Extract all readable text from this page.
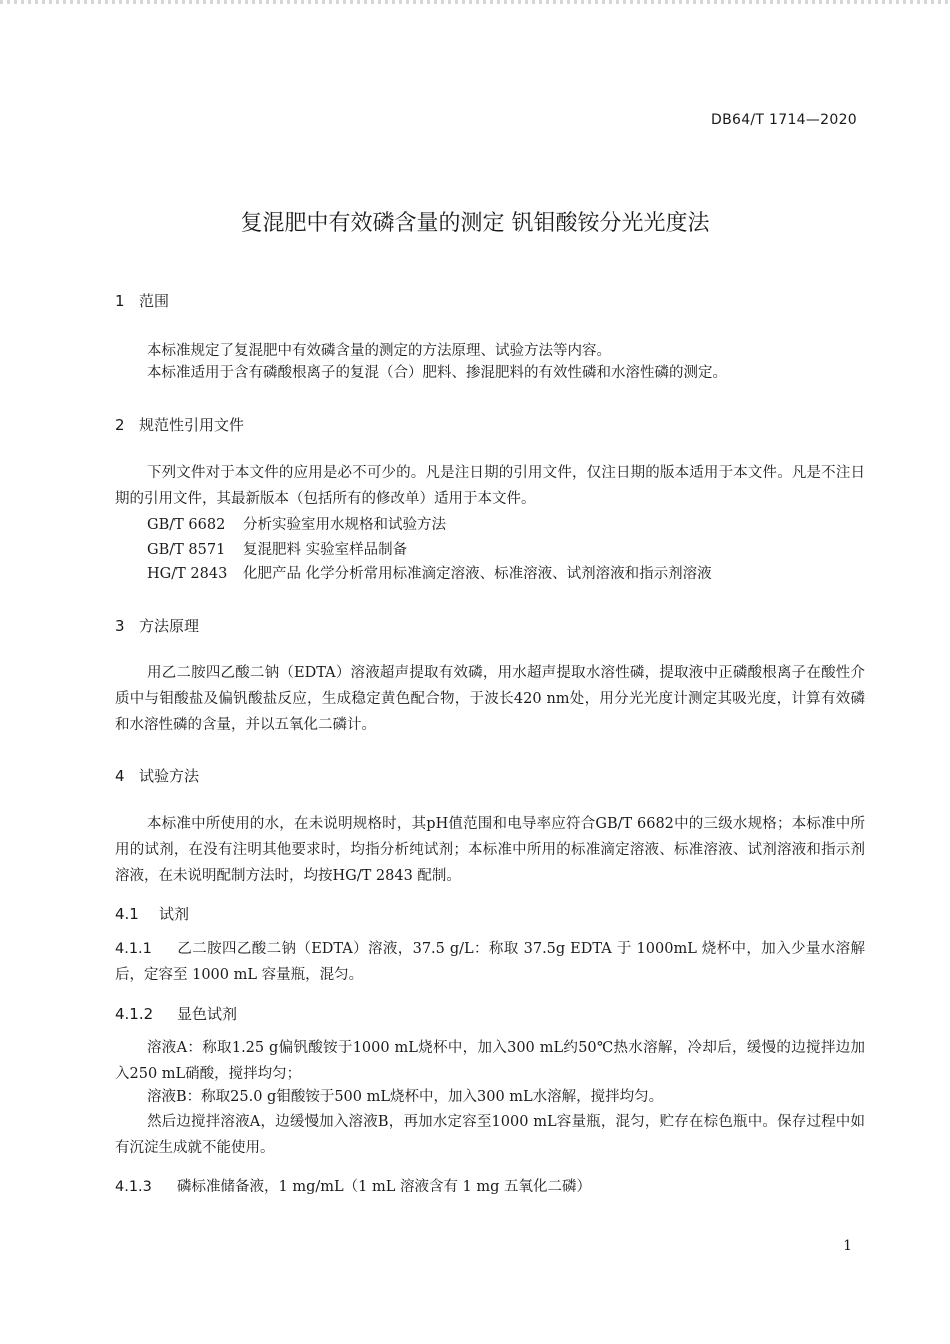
DB64/T 1714—2020
复混肥中有效磷含量的测定 钒钼酸铵分光光度法
1 范围
本标准规定了复混肥中有效磷含量的测定的方法原理、试验方法等内容。
本标准适用于含有磷酸根离子的复混（合）肥料、掺混肥料的有效性磷和水溶性磷的测定。
2 规范性引用文件
下列文件对于本文件的应用是必不可少的。凡是注日期的引用文件，仅注日期的版本适用于本文件。凡是不注日期的引用文件，其最新版本（包括所有的修改单）适用于本文件。
GB/T 6682 分析实验室用水规格和试验方法
GB/T 8571 复混肥料 实验室样品制备
HG/T 2843 化肥产品 化学分析常用标准滴定溶液、标准溶液、试剂溶液和指示剂溶液
3 方法原理
用乙二胺四乙酸二钠（EDTA）溶液超声提取有效磷，用水超声提取水溶性磷，提取液中正磷酸根离子在酸性介质中与钼酸盐及偏钒酸盐反应，生成稳定黄色配合物，于波长420 nm处，用分光光度计测定其吸光度，计算有效磷和水溶性磷的含量，并以五氧化二磷计。
4 试验方法
本标准中所使用的水，在未说明规格时，其pH值范围和电导率应符合GB/T 6682中的三级水规格；本标准中所用的试剂，在没有注明其他要求时，均指分析纯试剂；本标准中所用的标准滴定溶液、标准溶液、试剂溶液和指示剂溶液，在未说明配制方法时，均按HG/T 2843 配制。
4.1 试剂
4.1.1 乙二胺四乙酸二钠（EDTA）溶液，37.5 g/L：称取 37.5g EDTA 于 1000mL 烧杯中，加入少量水溶解后，定容至 1000 mL 容量瓶，混匀。
4.1.2 显色试剂
溶液A：称取1.25 g偏钒酸铵于1000 mL烧杯中，加入300 mL约50℃热水溶解，冷却后，缓慢的边搅拌边加入250 mL硝酸，搅拌均匀；
溶液B：称取25.0 g钼酸铵于500 mL烧杯中，加入300 mL水溶解，搅拌均匀。
然后边搅拌溶液A，边缓慢加入溶液B，再加水定容至1000 mL容量瓶，混匀，贮存在棕色瓶中。保存过程中如有沉淀生成就不能使用。
4.1.3 磷标准储备液，1 mg/mL（1 mL 溶液含有 1 mg 五氧化二磷）
1
